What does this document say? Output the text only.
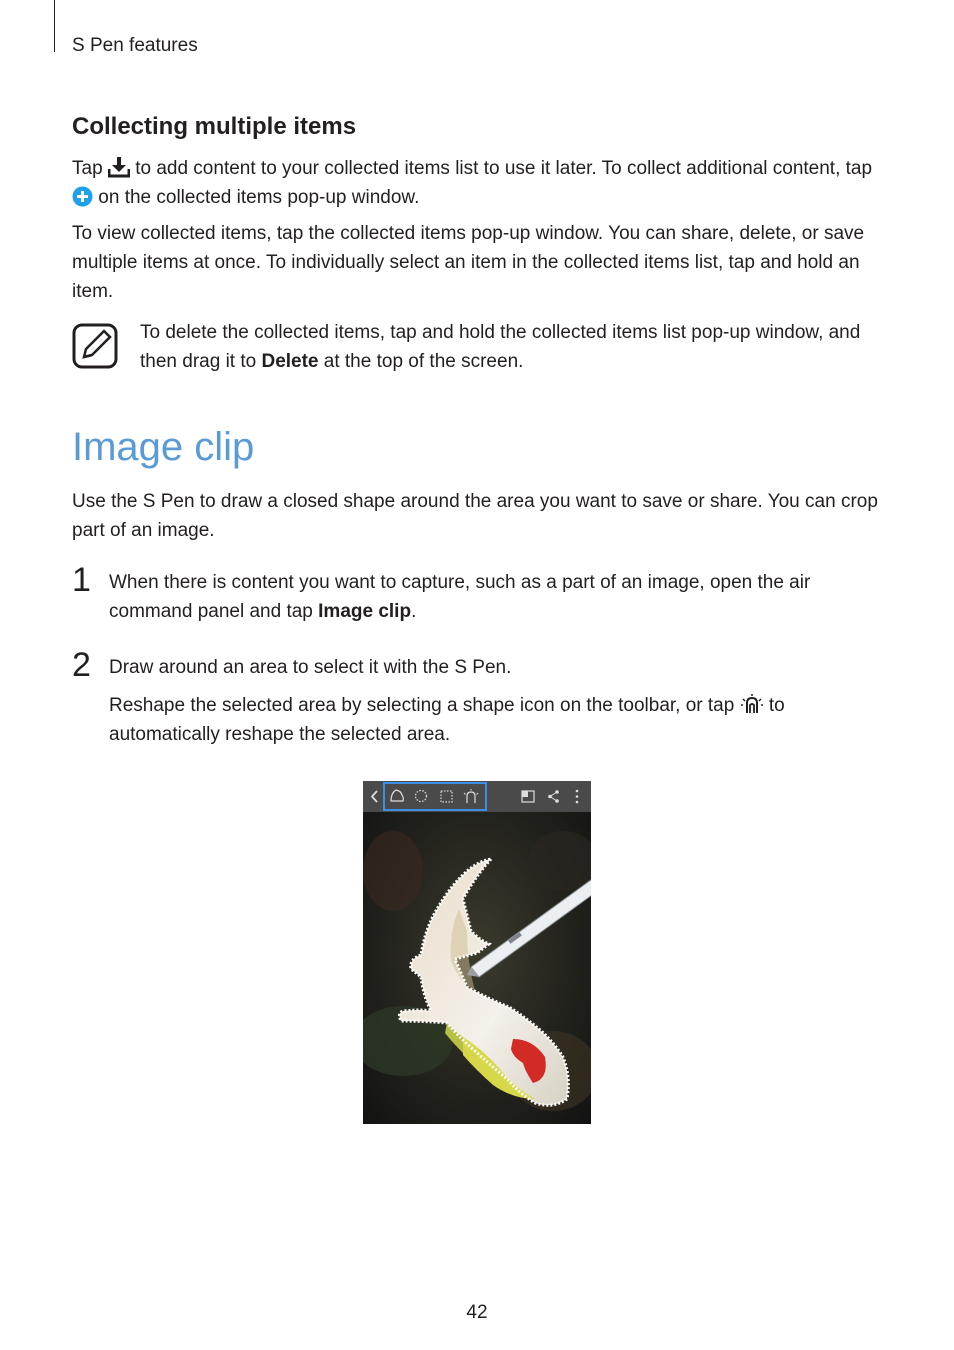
S Pen features
Collecting multiple items

Tap  to add content to your collected items list to use it later. To collect additional content, tap  on the collected items pop-up window.

To view collected items, tap the collected items pop-up window. You can share, delete, or save multiple items at once. To individually select an item in the collected items list, tap and hold an item.

To delete the collected items, tap and hold the collected items list pop-up window, and then drag it to Delete at the top of the screen.

Image clip

Use the S Pen to draw a closed shape around the area you want to save or share. You can crop part of an image.

1 When there is content you want to capture, such as a part of an image, open the air command panel and tap Image clip.

2 Draw around an area to select it with the S Pen.

Reshape the selected area by selecting a shape icon on the toolbar, or tap  to automatically reshape the selected area.

42
